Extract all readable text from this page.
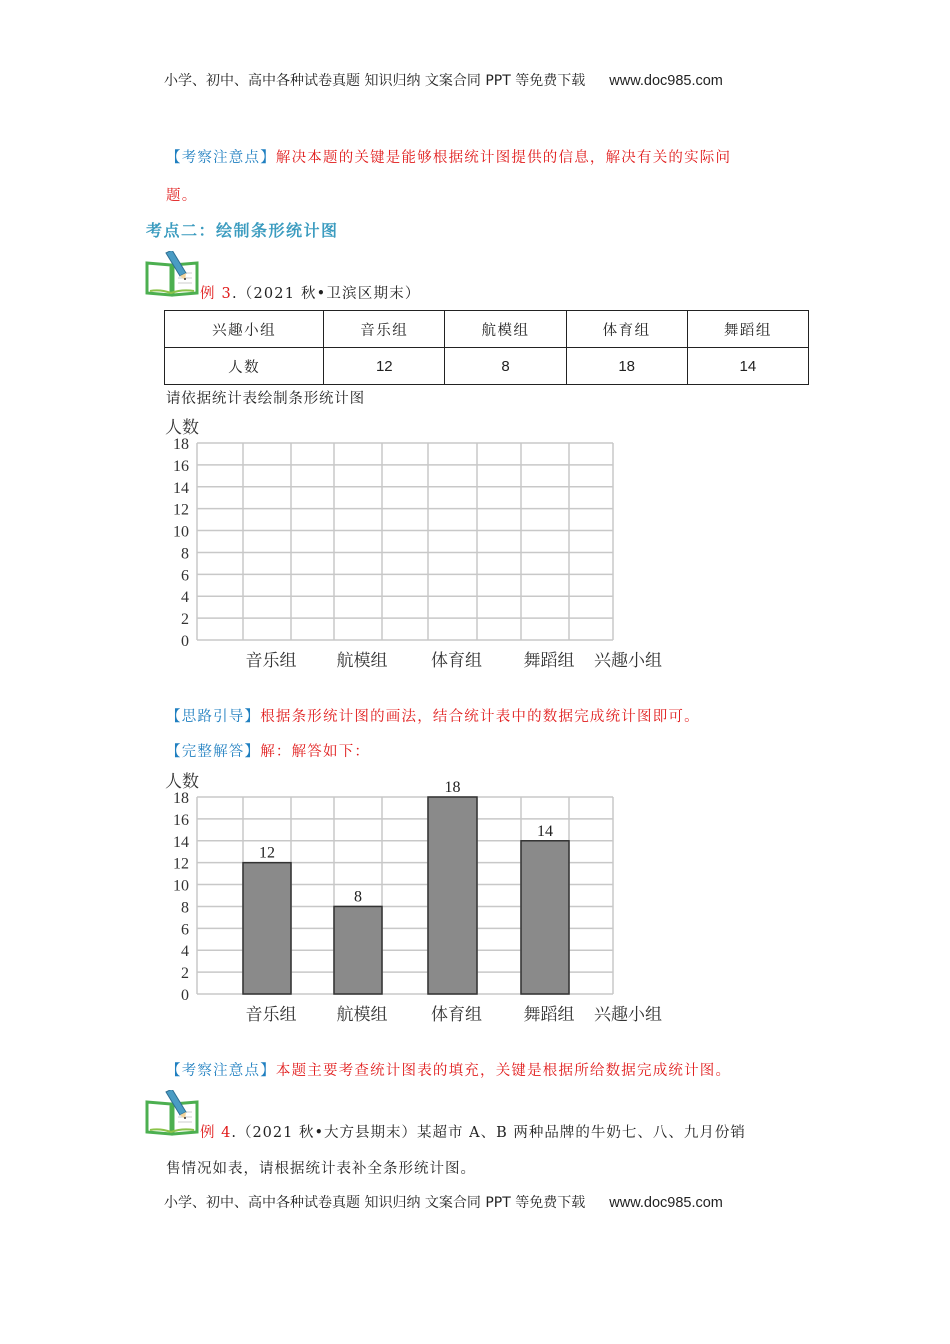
小学、初中、高中各种试卷真题 知识归纳 文案合同 PPT 等免费下载 www.doc985.com
【考察注意点】解决本题的关键是能够根据统计图提供的信息，解决有关的实际问
题。
考点二：绘制条形统计图
例 3.（2021 秋•卫滨区期末）
兴趣小组	音乐组	航模组	体育组	舞蹈组
人数	12	8	18	14
请依据统计表绘制条形统计图
人数
0
2
4
6
8
10
12
14
16
18
音乐组 航模组	体育组 舞蹈组 兴趣小组
【思路引导】根据条形统计图的画法，结合统计表中的数据完成统计图即可。
【完整解答】解：解答如下：
人数
0
2
4
6
8
10
12
14
16
18
12
8
18
14
音乐组 航模组	体育组 舞蹈组 兴趣小组
【考察注意点】本题主要考查统计图表的填充，关键是根据所给数据完成统计图。
例 4.（2021 秋•大方县期末）某超市 A、B 两种品牌的牛奶七、八、九月份销
售情况如表，请根据统计表补全条形统计图。
小学、初中、高中各种试卷真题 知识归纳 文案合同 PPT 等免费下载 www.doc985.com
